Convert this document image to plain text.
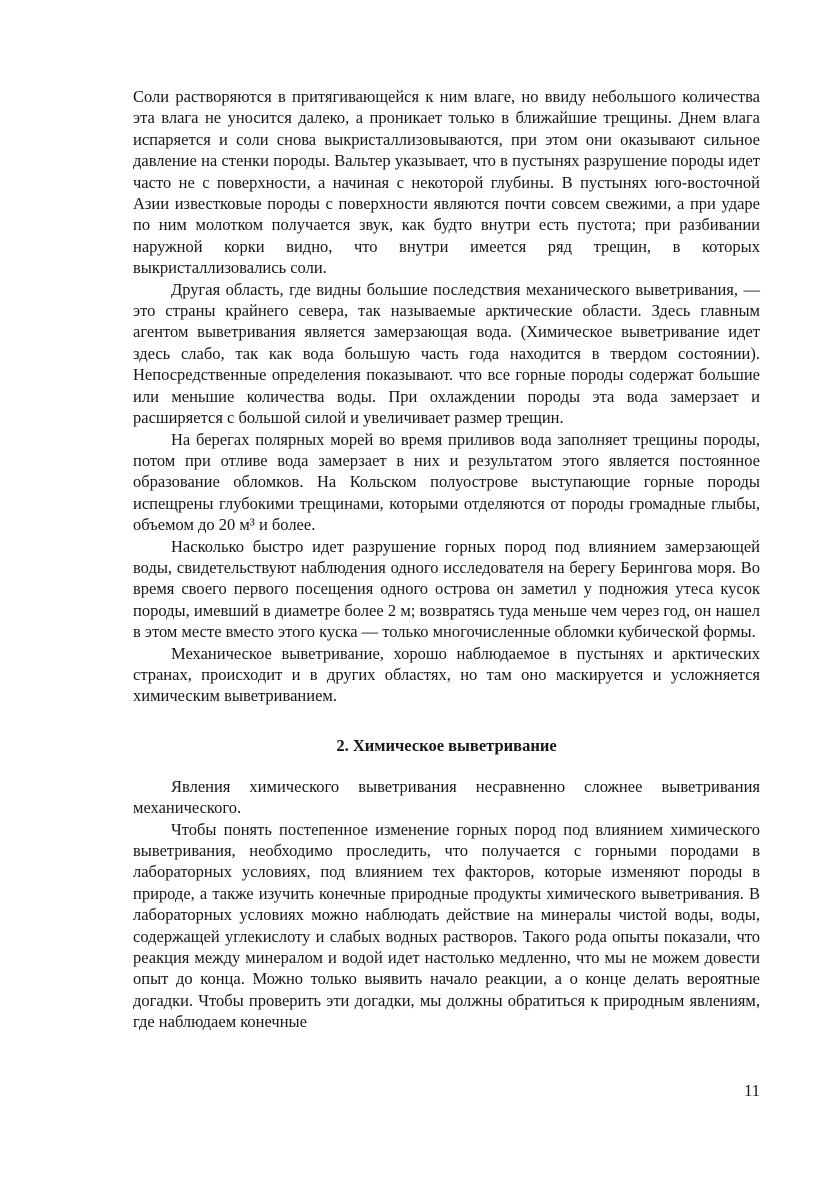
Соли растворяются в притягивающейся к ним влаге, но ввиду небольшого количества эта влага не уносится далеко, а проникает только в ближайшие трещины. Днем влага испаряется и соли снова выкристаллизовываются, при этом они оказывают сильное давление на стенки породы. Вальтер указывает, что в пустынях разрушение породы идет часто не с поверхности, а начиная с некоторой глубины. В пустынях юго-восточной Азии известковые породы с поверхности являются почти совсем свежими, а при ударе по ним молотком получается звук, как будто внутри есть пустота; при разбивании наружной корки видно, что внутри имеется ряд трещин, в которых выкристаллизовались соли.

Другая область, где видны большие последствия механического выветривания, — это страны крайнего севера, так называемые арктические области. Здесь главным агентом выветривания является замерзающая вода. (Химическое выветривание идет здесь слабо, так как вода большую часть года находится в твердом состоянии). Непосредственные определения показывают. что все горные породы содержат большие или меньшие количества воды. При охлаждении породы эта вода замерзает и расширяется с большой силой и увеличивает размер трещин.

На берегах полярных морей во время приливов вода заполняет трещины породы, потом при отливе вода замерзает в них и результатом этого является постоянное образование обломков. На Кольском полуострове выступающие горные породы испещрены глубокими трещинами, которыми отделяются от породы громадные глыбы, объемом до 20 м³ и более.

Насколько быстро идет разрушение горных пород под влиянием замерзающей воды, свидетельствуют наблюдения одного исследователя на берегу Берингова моря. Во время своего первого посещения одного острова он заметил у подножия утеса кусок породы, имевший в диаметре более 2 м; возвратясь туда меньше чем через год, он нашел в этом месте вместо этого куска — только многочисленные обломки кубической формы.

Механическое выветривание, хорошо наблюдаемое в пустынях и арктических странах, происходит и в других областях, но там оно маскируется и усложняется химическим выветриванием.

2. Химическое выветривание

Явления химического выветривания несравненно сложнее выветривания механического.

Чтобы понять постепенное изменение горных пород под влиянием химического выветривания, необходимо проследить, что получается с горными породами в лабораторных условиях, под влиянием тех факторов, которые изменяют породы в природе, а также изучить конечные природные продукты химического выветривания. В лабораторных условиях можно наблюдать действие на минералы чистой воды, воды, содержащей углекислоту и слабых водных растворов. Такого рода опыты показали, что реакция между минералом и водой идет настолько медленно, что мы не можем довести опыт до конца. Можно только выявить начало реакции, а о конце делать вероятные догадки. Чтобы проверить эти догадки, мы должны обратиться к природным явлениям, где наблюдаем конечные

11
